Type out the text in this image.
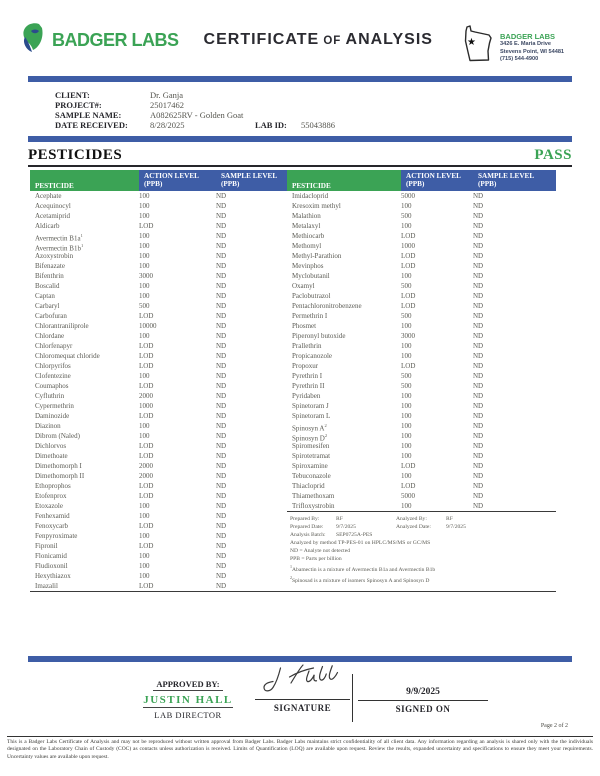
BADGER LABS	CERTIFICATE OF ANALYSIS	★
BADGER LABS
3426 E. Maria Drive
Stevens Point, WI 54481
(715) 544-4900
CLIENT:	Dr. Ganja
PROJECT#:	25017462
SAMPLE NAME:	A082625RV - Golden Goat
DATE RECEIVED:	8/28/2025	LAB ID:	55043886
PESTICIDES	PASS
PESTICIDE
ACTION LEVEL
(PPB)
SAMPLE LEVEL
(PPB)
Acephate	100	ND
Acequinocyl	100	ND
Acetamiprid	100	ND
Aldicarb	LOD	ND
Avermectin $B1a^1$	100	ND
Avermectin $B1b^1$	100	ND
Azoxystrobin	100	ND
Bifenazate	100	ND
Bifenthrin	3000	ND
Boscalid	100	ND
Captan	100	ND
Carbaryl	500	ND
Carbofuran	LOD	ND
Chlorantraniliprole	10000	ND
Chlordane	100	ND
Chlorfenapyr	LOD	ND
Chloromequat chloride	LOD	ND
Chlorpyrifos	LOD	ND
Clofentezine	100	ND
Coumaphos	LOD	ND
Cyfluthrin	2000	ND
Cypermethrin	1000	ND
Daminozide	LOD	ND
Diazinon	100	ND
Dibrom (Naled)	100	ND
Dichlorvos	LOD	ND
Dimethoate	LOD	ND
Dimethomorph I	2000	ND
Dimethomorph II	2000	ND
Ethoprophos	LOD	ND
Etofenprox	LOD	ND
Etoxazole	100	ND
Fenhexamid	100	ND
Fenoxycarb	LOD	ND
Fenpyroximate	100	ND
Fipronil	LOD	ND
Flonicamid	100	ND
Fludioxonil	100	ND
Hexythiazox	100	ND
Imazalil	LOD	ND
PESTICIDE
ACTION LEVEL
(PPB)
SAMPLE LEVEL
(PPB)
Imidacloprid	5000	ND
Kresoxim methyl	100	ND
Malathion	500	ND
Metalaxyl	100	ND
Methiocarb	LOD	ND
Methomyl	1000	ND
Methyl-Parathion	LOD	ND
Mevinphos	LOD	ND
Myclobutanil	100	ND
Oxamyl	500	ND
Paclobutrazol	LOD	ND
Pentachloronitrobenzene	LOD	ND
Permethrin I	500	ND
Phosmet	100	ND
Piperonyl butoxide	3000	ND
Prallethrin	100	ND
Propicanozole	100	ND
Propoxur	LOD	ND
Pyrethrin I	500	ND
Pyrethrin II	500	ND
Pyridaben	100	ND
Spinetoram J	100	ND
Spinetoram L	100	ND
Spinosyn $A^2$	100	ND
Spinosyn $D^2$	100	ND
Spiromesifen	100	ND
Spirotetramat	100	ND
Spiroxamine	LOD	ND
Tebuconazole	100	ND
Thiacloprid	LOD	ND
Thiamethoxam	5000	ND
Trifloxystrobin	100	ND
Prepared By:	RF	Analyzed By:	RF
Prepared Date:	9/7/2025	Analyzed Date:	9/7/2025
Analysis Batch:	SEP0725A-PES
Analyzed by method TP-PES-01 on HPLC/MS/MS or GC/MS
ND = Analyte not detected
PPB = Parts per billion
$^1$Abamectin is a mixture of Avermectin B1a and Avermectin B1b
$^2$Spinosad is a mixture of isomers Spinosyn A and Spinosyn D
APPROVED BY:
JUSTIN HALL
LAB DIRECTOR
SIGNATURE
9/9/2025
SIGNED ON
Page 2 of 2

This is a Badger Labs Certificate of Analysis and may not be reproduced without written approval from Badger Labs. Badger Labs maintains strict confidentiality of all client data. Any information regarding an analysis is shared only with the the individuals designated on the Laboratory Chain of Custody (COC) as contacts unless authorization is received. Limits of Quantification (LOQ) are available upon request. Review the results, expanded uncertainty and specifications to ensure they meet your requirements. Uncertainty values are available upon request.
